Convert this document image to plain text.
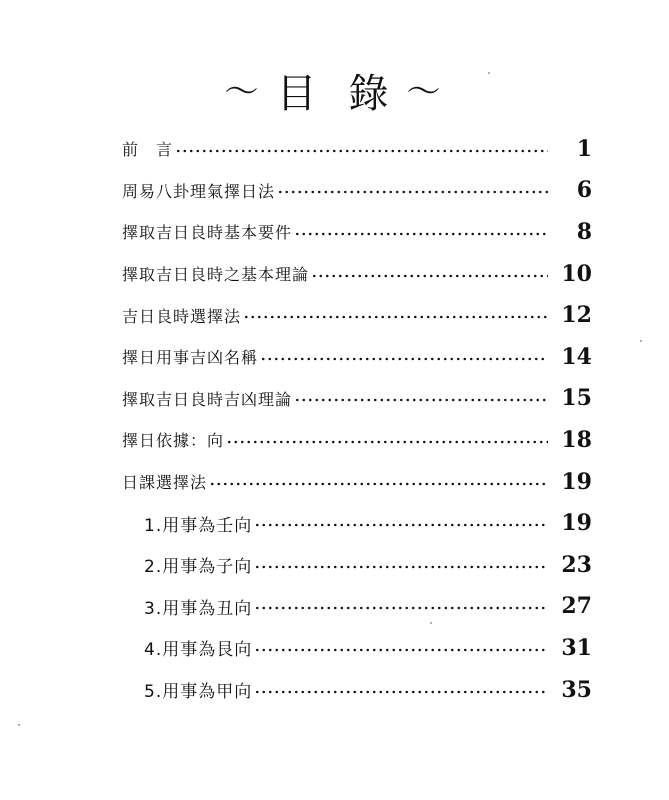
〜 目 錄 〜
前　言	1
周易八卦理氣擇日法	6
擇取吉日良時基本要件	8
擇取吉日良時之基本理論	10
吉日良時選擇法	12
擇日用事吉凶名稱	14
擇取吉日良時吉凶理論	15
擇日依據：向	18
日課選擇法	19
1.用事為壬向	19
2.用事為子向	23
3.用事為丑向	27
4.用事為艮向	31
5.用事為甲向	35
